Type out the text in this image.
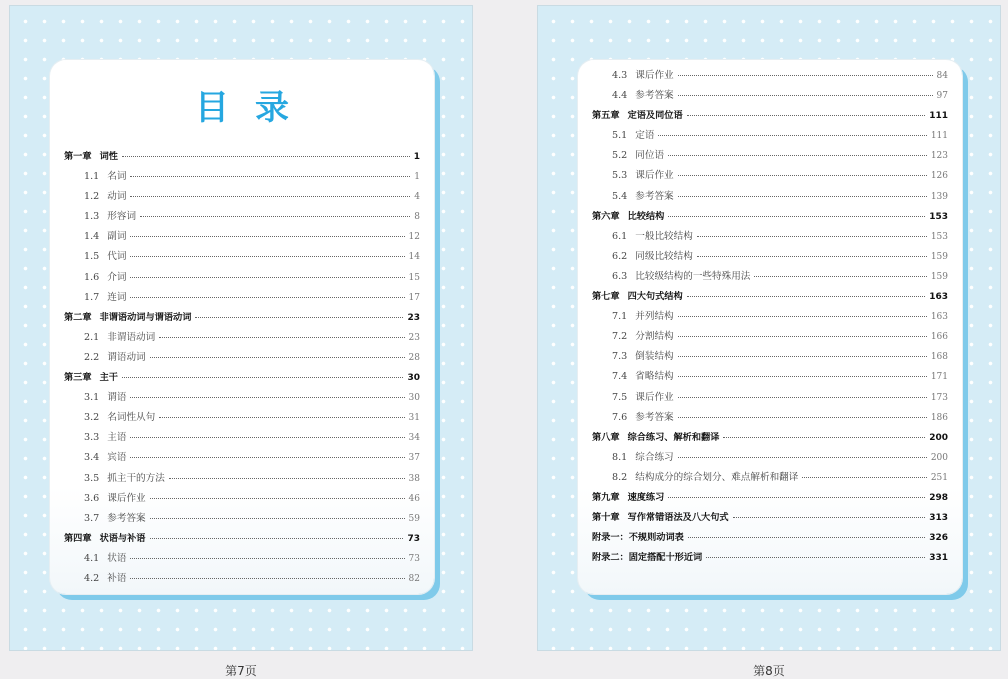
目录
第一章 词性	1
1.1 名词	1
1.2 动词	4
1.3 形容词	8
1.4 副词	12
1.5 代词	14
1.6 介词	15
1.7 连词	17
第二章 非谓语动词与谓语动词	23
2.1 非谓语动词	23
2.2 谓语动词	28
第三章 主干	30
3.1 谓语	30
3.2 名词性从句	31
3.3 主语	34
3.4 宾语	37
3.5 抓主干的方法	38
3.6 课后作业	46
3.7 参考答案	59
第四章 状语与补语	73
4.1 状语	73
4.2 补语	82
第7页
4.3 课后作业	84
4.4 参考答案	97
第五章 定语及同位语	111
5.1 定语	111
5.2 同位语	123
5.3 课后作业	126
5.4 参考答案	139
第六章 比较结构	153
6.1 一般比较结构	153
6.2 同级比较结构	159
6.3 比较级结构的一些特殊用法	159
第七章 四大句式结构	163
7.1 并列结构	163
7.2 分割结构	166
7.3 倒装结构	168
7.4 省略结构	171
7.5 课后作业	173
7.6 参考答案	186
第八章 综合练习、解析和翻译	200
8.1 综合练习	200
8.2 结构成分的综合划分、难点解析和翻译	251
第九章 速度练习	298
第十章 写作常错语法及八大句式	313
附录一：不规则动词表	326
附录二：固定搭配十形近词	331
第8页
